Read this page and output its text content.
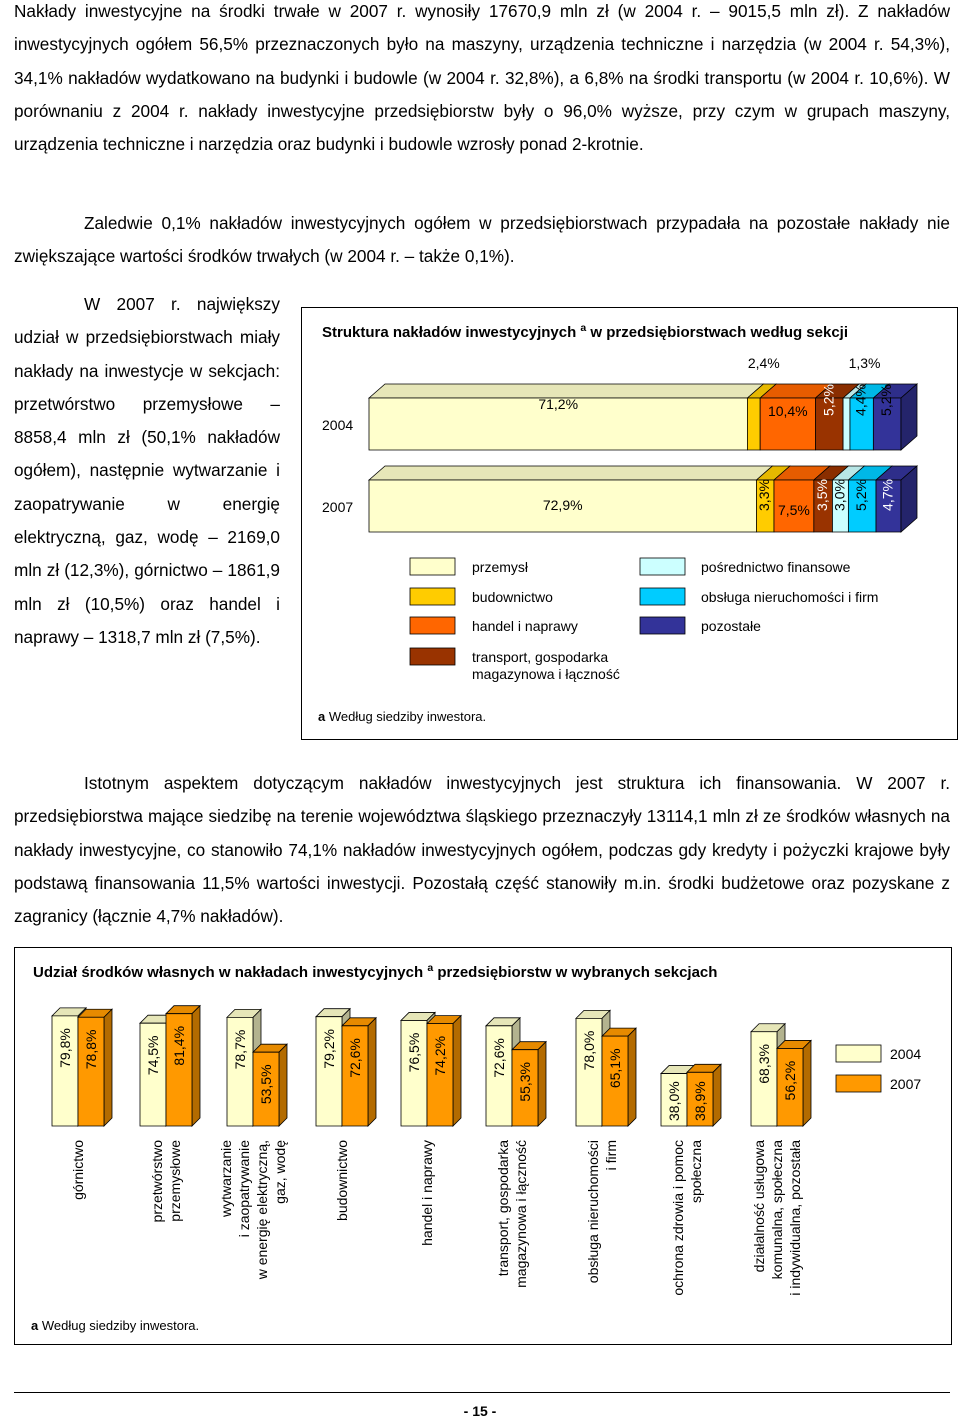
Nakłady inwestycyjne na środki trwałe w 2007 r. wynosiły 17670,9 mln zł (w 2004 r. – 9015,5 mln zł). Z nakładów inwestycyjnych ogółem 56,5% przeznaczonych było na maszyny, urządzenia techniczne i narzędzia (w 2004 r. 54,3%), 34,1% nakładów wydatkowano na budynki i budowle (w 2004 r. 32,8%), a 6,8% na środki transportu (w 2004 r. 10,6%). W porównaniu z 2004 r. nakłady inwestycyjne przedsiębiorstw były o 96,0% wyższe, przy czym w grupach maszyny, urządzenia techniczne i narzędzia oraz budynki i budowle wzrosły ponad 2-krotnie.

Zaledwie 0,1% nakładów inwestycyjnych ogółem w przedsiębiorstwach przypadała na pozostałe nakłady nie zwiększające wartości środków trwałych (w 2004 r. – także 0,1%).

W 2007 r. największy udział w przedsiębiorstwach miały nakłady na inwestycje w sekcjach: przetwórstwo przemysłowe – 8858,4 mln zł (50,1% nakładów ogółem), następnie wytwarzanie i zaopatrywanie w energię elektryczną, gaz, wodę – 2169,0 mln zł (12,3%), górnictwo – 1861,9 mln zł (10,5%) oraz handel i naprawy – 1318,7 mln zł (7,5%).

Struktura nakładów inwestycyjnych $^a$ w przedsiębiorstwach według sekcji
2004
2007
71,2%
2,4%
10,4% 5,2%
1,3%
4,4% 5,2%
72,9%	3,3% 7,5% 3,5% 3,0% 5,2% 4,7%
przemysł
budownictwo
handel i naprawy
transport, gospodarka
magazynowa i łączność
pośrednictwo finansowe
obsługa nieruchomości i firm
pozostałe
a Według siedziby inwestora.

Istotnym aspektem dotyczącym nakładów inwestycyjnych jest struktura ich finansowania. W 2007 r. przedsiębiorstwa mające siedzibę na terenie województwa śląskiego przeznaczyły 13114,1 mln zł ze środków własnych na nakłady inwestycyjne, co stanowiło 74,1% nakładów inwestycyjnych ogółem, podczas gdy kredyty i pożyczki krajowe były podstawą finansowania 11,5% wartości inwestycji. Pozostałą część stanowiły m.in. środki budżetowe oraz pozyskane z zagranicy (łącznie 4,7% nakładów).

Udział środków własnych w nakładach inwestycyjnych $^a$ przedsiębiorstw w wybranych sekcjach
79,8%	74,5%	78,7%	79,2%	76,5%	72,6%	78,0%
38,0%
68,3%
78,8%	81,4%
53,5%
72,6%	74,2%
55,3%	65,1%
38,9%
56,2%
górnictwo	przetwórstwo przemysłowe	wytwarzanie i zaopatrywanie w energię elektryczną, gaz, wodę	budownictwo	handel i naprawy	transport, gospodarka magazynowa i łączność	obsługa nieruchomości i firm	ochrona zdrowia i pomoc społeczna	działalność usługowa komunalna, społeczna i indywidualna, pozostała
2004
2007
a Według siedziby inwestora.
- 15 -
